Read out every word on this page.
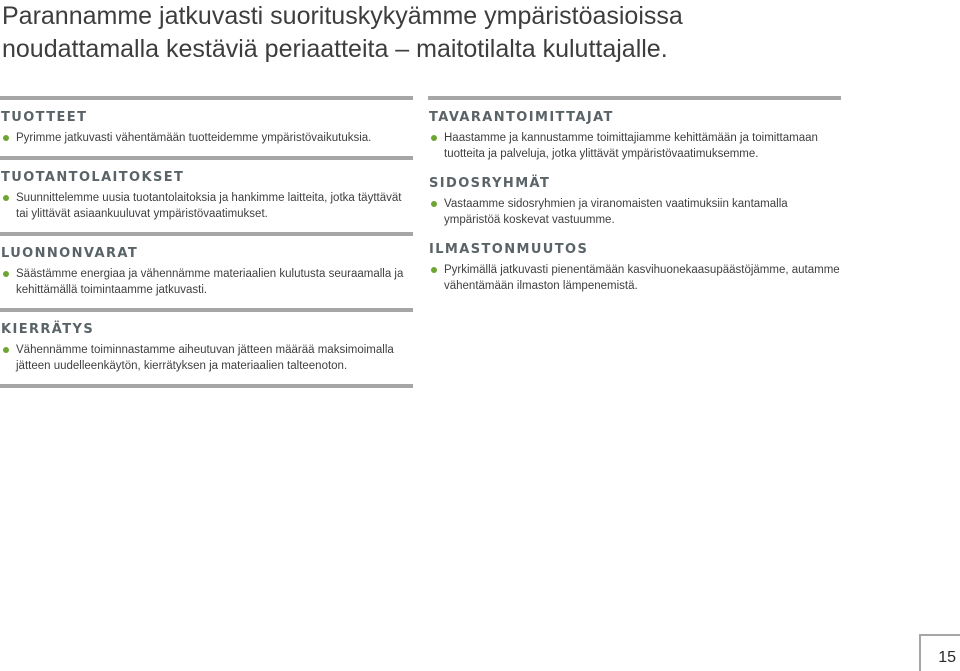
Parannamme jatkuvasti suorituskykyämme ympäristöasioissa
noudattamalla kestäviä periaatteita – maitotilalta kuluttajalle.
TUOTTEET
Pyrimme jatkuvasti vähentämään tuotteidemme ympäristövaikutuksia.
TUOTANTOLAITOKSET
Suunnittelemme uusia tuotantolaitoksia ja hankimme laitteita, jotka täyttävät tai ylittävät asiaankuuluvat ympäristövaatimukset.
LUONNONVARAT
Säästämme energiaa ja vähennämme materiaalien kulutusta seuraamalla ja kehittämällä toimintaamme jatkuvasti.
KIERRÄTYS
Vähennämme toiminnastamme aiheutuvan jätteen määrää maksimoimalla jätteen uudelleenkäytön, kierrätyksen ja materiaalien talteenoton.
TAVARANTOIMITTAJAT
Haastamme ja kannustamme toimittajiamme kehittämään ja toimittamaan tuotteita ja palveluja, jotka ylittävät ympäristövaatimuksemme.
SIDOSRYHMÄT
Vastaamme sidosryhmien ja viranomaisten vaatimuksiin kantamalla ympäristöä koskevat vastuumme.
ILMASTONMUUTOS
Pyrkimällä jatkuvasti pienentämään kasvihuonekaasupäästöjämme, autamme vähentämään ilmaston lämpenemistä.
15
